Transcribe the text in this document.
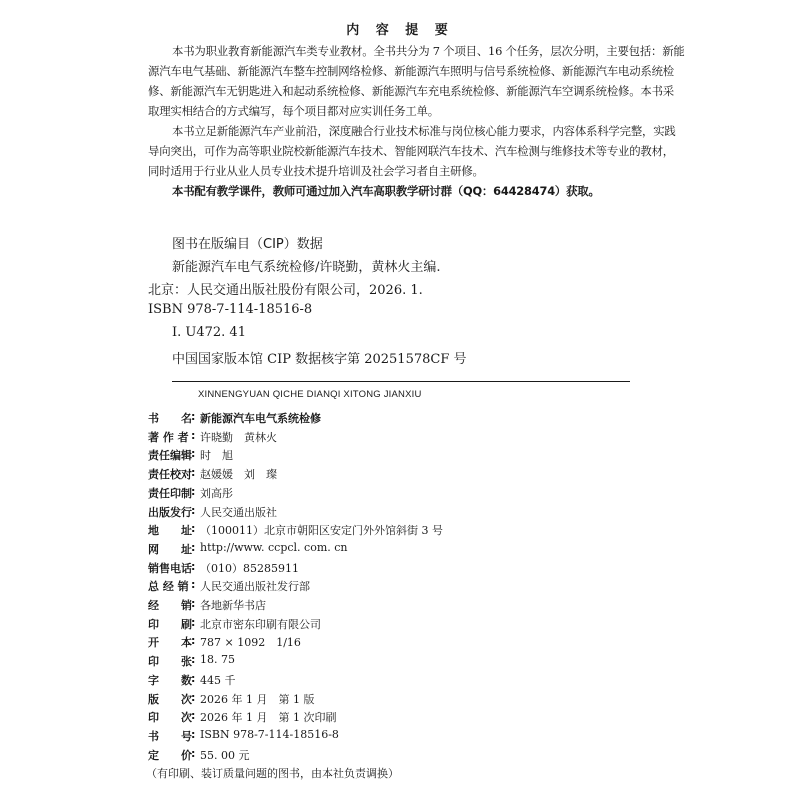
内 容 提 要
本书为职业教育新能源汽车类专业教材。全书共分为 7 个项目、16 个任务，层次分明，主要包括：新能
源汽车电气基础、新能源汽车整车控制网络检修、新能源汽车照明与信号系统检修、新能源汽车电动系统检
修、新能源汽车无钥匙进入和起动系统检修、新能源汽车充电系统检修、新能源汽车空调系统检修。本书采
取理实相结合的方式编写，每个项目都对应实训任务工单。
本书立足新能源汽车产业前沿，深度融合行业技术标准与岗位核心能力要求，内容体系科学完整，实践
导向突出，可作为高等职业院校新能源汽车技术、智能网联汽车技术、汽车检测与维修技术等专业的教材，
同时适用于行业从业人员专业技术提升培训及社会学习者自主研修。
本书配有教学课件，教师可通过加入汽车高职教学研讨群（QQ：64428474）获取。
图书在版编目（CIP）数据
新能源汽车电气系统检修/许晓勤，黄林火主编.
北京：人民交通出版社股份有限公司，2026. 1.
ISBN 978-7-114-18516-8
Ⅰ. U472. 41
中国国家版本馆 CIP 数据核字第 20251578CF 号
XINNENGYUAN QICHE DIANQI XITONG JIANXIU
书　　名 : 新能源汽车电气系统检修
著 作 者 : 许晓勤　黄林火
责任编辑 : 时　旭
责任校对 : 赵媛媛　刘　璨
责任印制 : 刘高彤
出版发行 : 人民交通出版社
地　　址 : （100011）北京市朝阳区安定门外外馆斜街 3 号
网　　址 : http://www. ccpcl. com. cn
销售电话 : （010）85285911
总 经 销 : 人民交通出版社发行部
经　　销 : 各地新华书店
印　　刷 : 北京市密东印刷有限公司
开　　本 : 787 × 1092　1/16
印　　张 : 18. 75
字　　数 : 445 千
版　　次 : 2026 年 1 月　第 1 版
印　　次 : 2026 年 1 月　第 1 次印刷
书　　号 : ISBN 978-7-114-18516-8
定　　价 : 55. 00 元
（有印刷、装订质量问题的图书，由本社负责调换）
